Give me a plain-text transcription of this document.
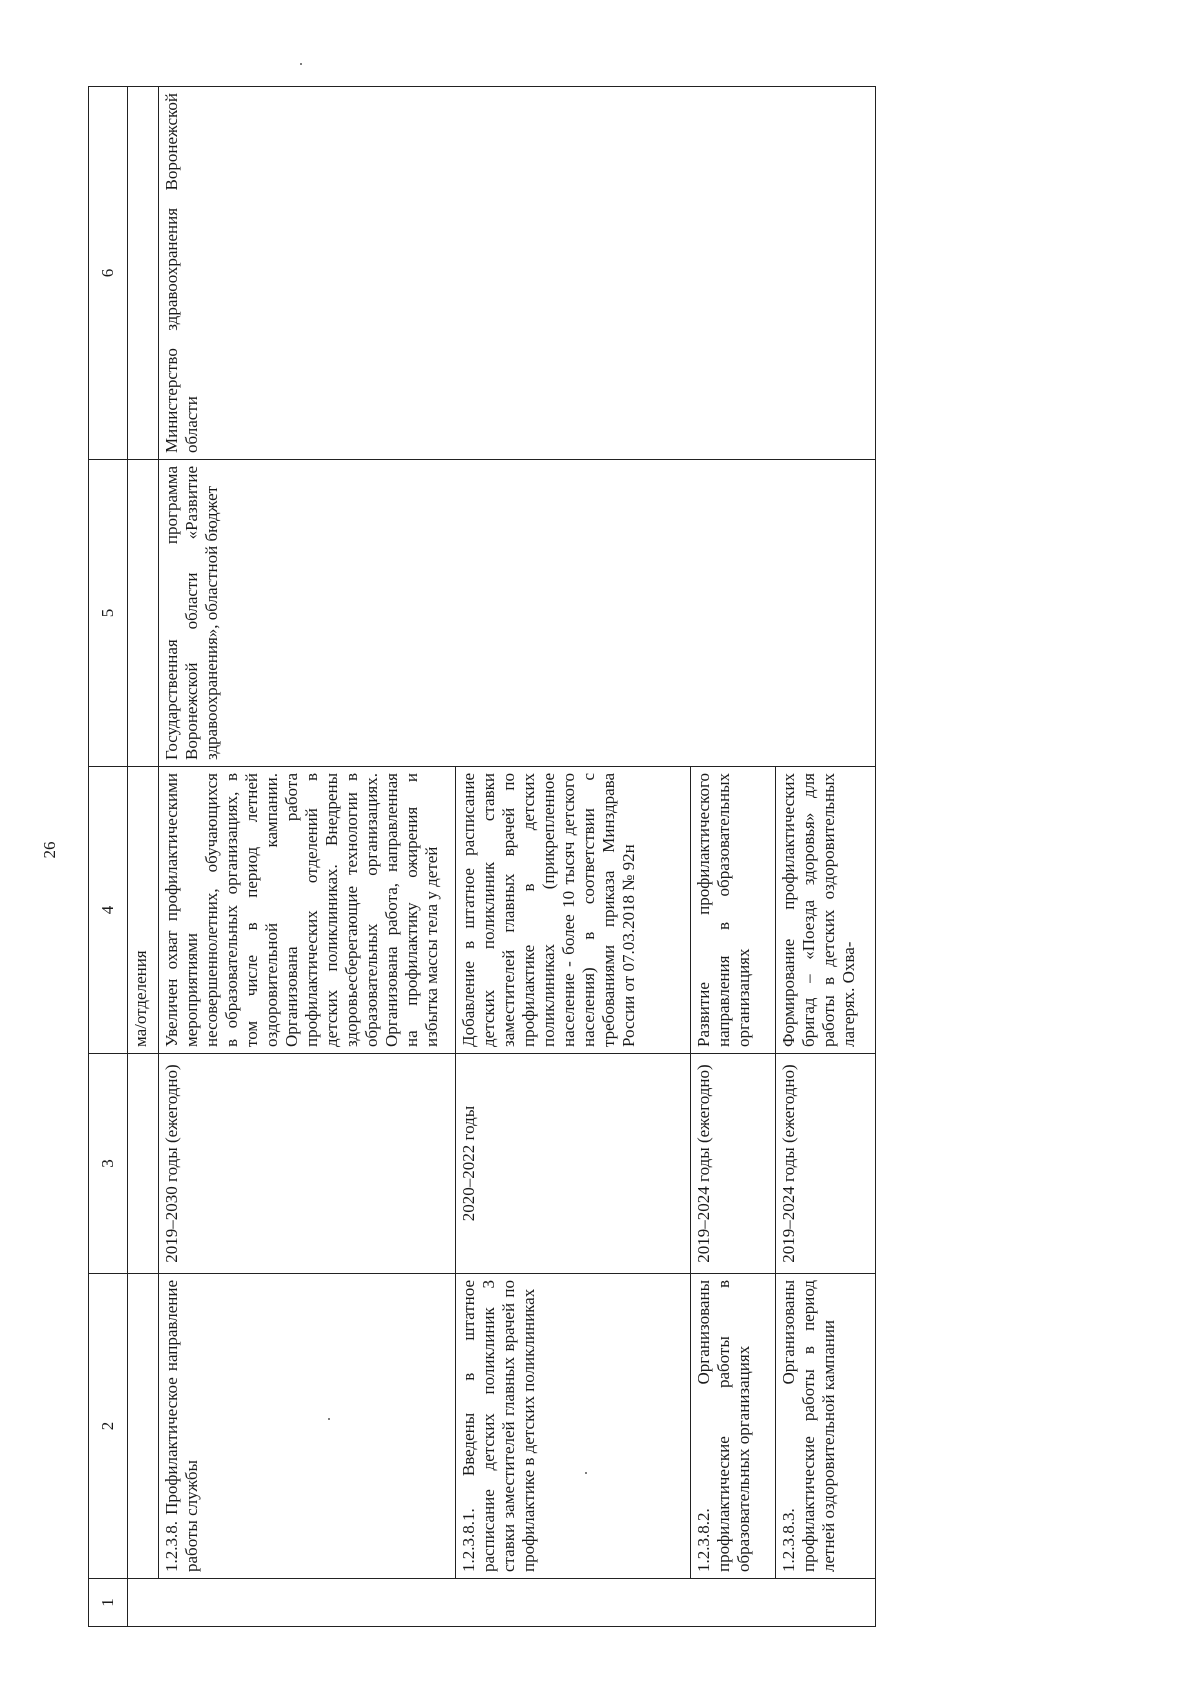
26
1	2	3	4	5	6
			ма/отделения		
	1.2.3.8. Профилактическое направление работы службы	2019–2030 годы (ежегодно)	Увеличен охват профилактическими мероприятиями несовершеннолетних, обучающихся в образовательных организациях, в том числе в период летней оздоровительной кампании. Организована работа профилактических отделений в детских поликлиниках. Внедрены здоровьесберегающие технологии в образовательных организациях. Организована работа, направленная на профилактику ожирения и избытка массы тела у детей	Государственная программа Воронежской области «Развитие здравоохранения», областной бюджет	Министерство здравоохранения Воронежской области
	1.2.3.8.1. Введены в штатное расписание детских поликлиник 3 ставки заместителей главных врачей по профилактике в детских поликлиниках	2020–2022 годы	Добавление в штатное расписание детских поликлиник ставки заместителей главных врачей по профилактике в детских поликлиниках (прикрепленное население - более 10 тысяч детского населения) в соответствии с требованиями приказа Минздрава России от 07.03.2018 № 92н		
	1.2.3.8.2. Организованы профилактические работы в образовательных организациях	2019–2024 годы (ежегодно)	Развитие профилактического направления в образовательных организациях		
	1.2.3.8.3. Организованы профилактические работы в период летней оздоровительной кампании	2019–2024 годы (ежегодно)	Формирование профилактических бригад – «Поезда здоровья» для работы в детских оздоровительных лагерях. Охва-		
